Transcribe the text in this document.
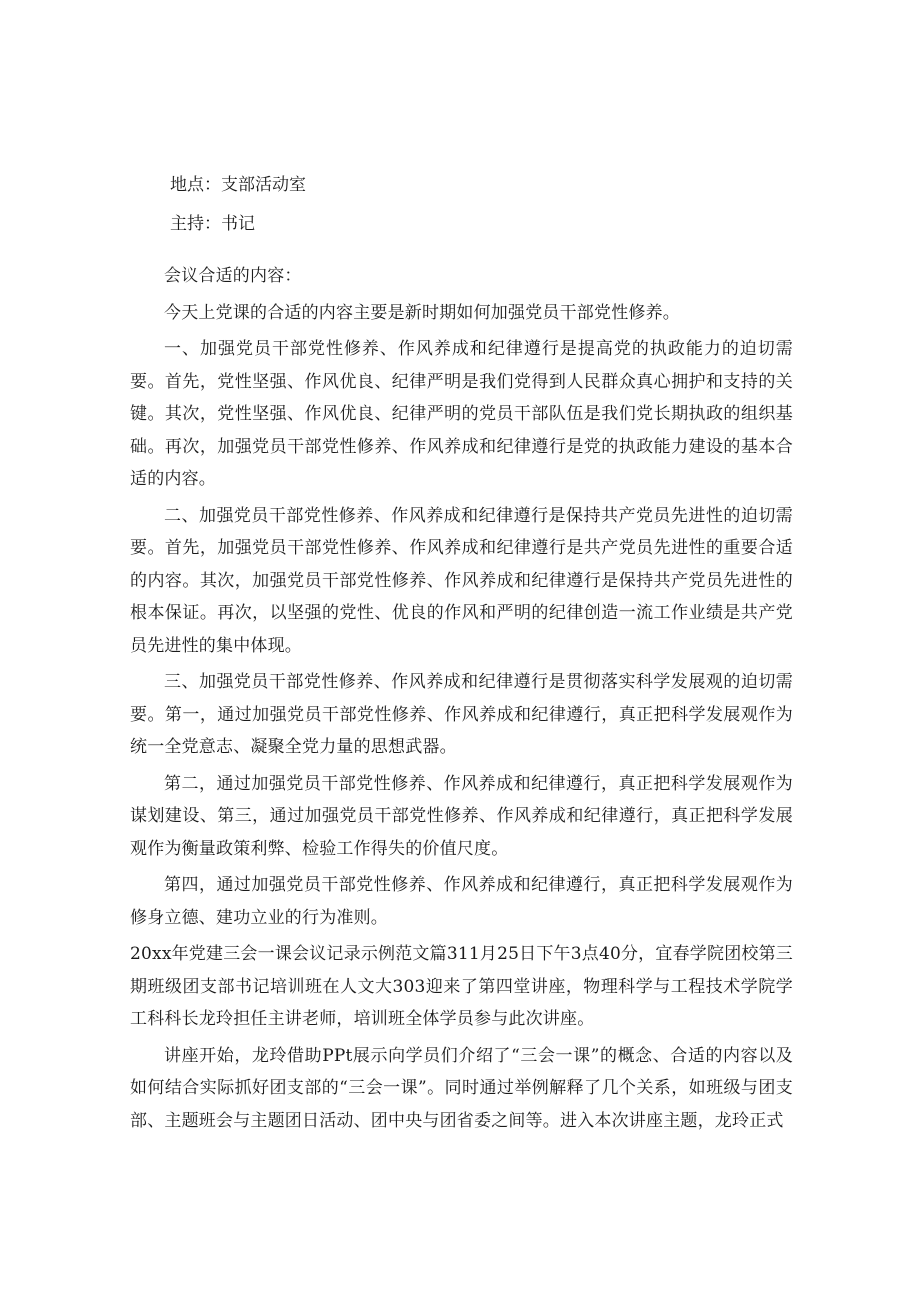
地点：支部活动室

主持：书记

会议合适的内容：

今天上党课的合适的内容主要是新时期如何加强党员干部党性修养。

一、加强党员干部党性修养、作风养成和纪律遵行是提高党的执政能力的迫切需要。首先，党性坚强、作风优良、纪律严明是我们党得到人民群众真心拥护和支持的关键。其次，党性坚强、作风优良、纪律严明的党员干部队伍是我们党长期执政的组织基础。再次，加强党员干部党性修养、作风养成和纪律遵行是党的执政能力建设的基本合适的内容。

二、加强党员干部党性修养、作风养成和纪律遵行是保持共产党员先进性的迫切需要。首先，加强党员干部党性修养、作风养成和纪律遵行是共产党员先进性的重要合适的内容。其次，加强党员干部党性修养、作风养成和纪律遵行是保持共产党员先进性的根本保证。再次，以坚强的党性、优良的作风和严明的纪律创造一流工作业绩是共产党员先进性的集中体现。

三、加强党员干部党性修养、作风养成和纪律遵行是贯彻落实科学发展观的迫切需要。第一，通过加强党员干部党性修养、作风养成和纪律遵行，真正把科学发展观作为统一全党意志、凝聚全党力量的思想武器。

第二，通过加强党员干部党性修养、作风养成和纪律遵行，真正把科学发展观作为谋划建设、第三，通过加强党员干部党性修养、作风养成和纪律遵行，真正把科学发展观作为衡量政策利弊、检验工作得失的价值尺度。

第四，通过加强党员干部党性修养、作风养成和纪律遵行，真正把科学发展观作为修身立德、建功立业的行为准则。

20xx年党建三会一课会议记录示例范文篇311月25日下午3点40分，宜春学院团校第三期班级团支部书记培训班在人文大303迎来了第四堂讲座，物理科学与工程技术学院学工科科长龙玲担任主讲老师，培训班全体学员参与此次讲座。

讲座开始，龙玲借助PPt展示向学员们介绍了“三会一课”的概念、合适的内容以及如何结合实际抓好团支部的“三会一课”。同时通过举例解释了几个关系，如班级与团支部、主题班会与主题团日活动、团中央与团省委之间等。进入本次讲座主题，龙玲正式
